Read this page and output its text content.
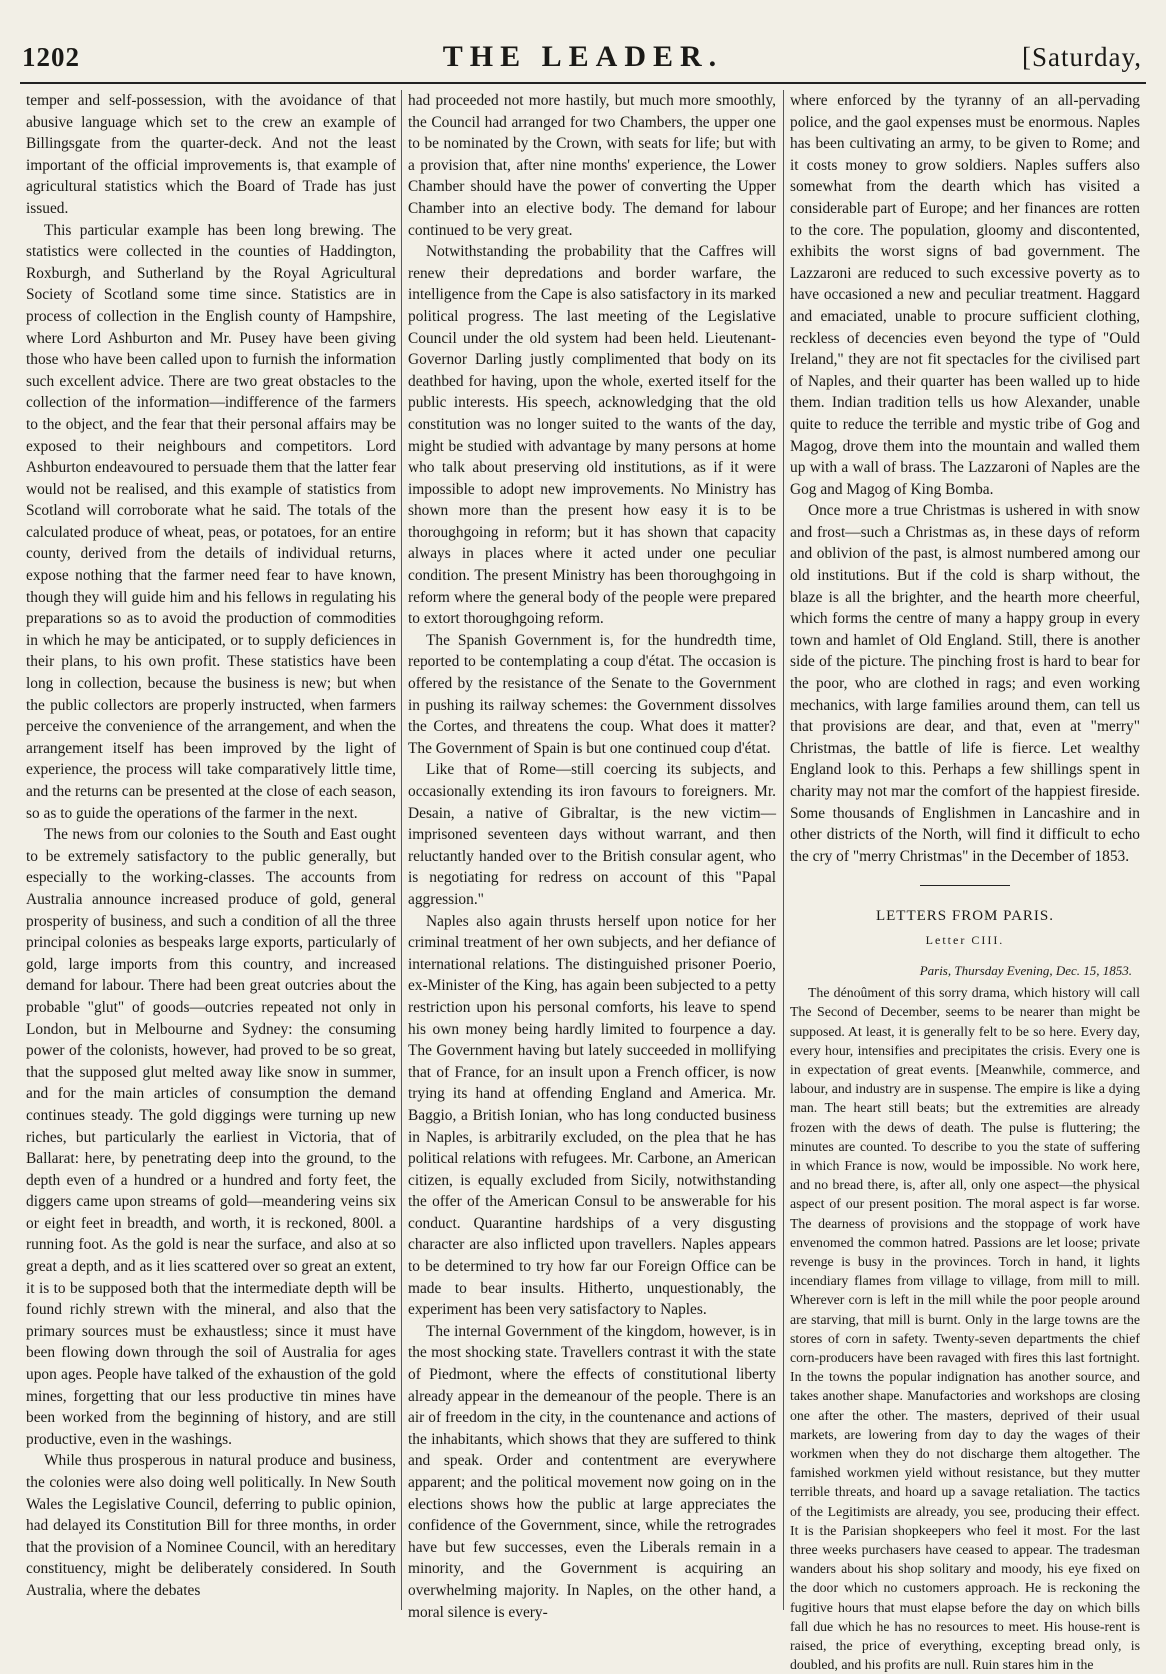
1202	THE LEADER.	[Saturday,

temper and self-possession, with the avoidance of that abusive language which set to the crew an example of Billingsgate from the quarter-deck. And not the least important of the official improvements is, that example of agricultural statistics which the Board of Trade has just issued.

This particular example has been long brewing. The statistics were collected in the counties of Haddington, Roxburgh, and Sutherland by the Royal Agricultural Society of Scotland some time since. Statistics are in process of collection in the English county of Hampshire, where Lord Ashburton and Mr. Pusey have been giving those who have been called upon to furnish the information such excellent advice. There are two great obstacles to the collection of the information—indifference of the farmers to the object, and the fear that their personal affairs may be exposed to their neighbours and competitors. Lord Ashburton endeavoured to persuade them that the latter fear would not be realised, and this example of statistics from Scotland will corroborate what he said. The totals of the calculated produce of wheat, peas, or potatoes, for an entire county, derived from the details of individual returns, expose nothing that the farmer need fear to have known, though they will guide him and his fellows in regulating his preparations so as to avoid the production of commodities in which he may be anticipated, or to supply deficiences in their plans, to his own profit. These statistics have been long in collection, because the business is new; but when the public collectors are properly instructed, when farmers perceive the convenience of the arrangement, and when the arrangement itself has been improved by the light of experience, the process will take comparatively little time, and the returns can be presented at the close of each season, so as to guide the operations of the farmer in the next.

The news from our colonies to the South and East ought to be extremely satisfactory to the public generally, but especially to the working-classes. The accounts from Australia announce increased produce of gold, general prosperity of business, and such a condition of all the three principal colonies as bespeaks large exports, particularly of gold, large imports from this country, and increased demand for labour. There had been great outcries about the probable "glut" of goods—outcries repeated not only in London, but in Melbourne and Sydney: the consuming power of the colonists, however, had proved to be so great, that the supposed glut melted away like snow in summer, and for the main articles of consumption the demand continues steady. The gold diggings were turning up new riches, but particularly the earliest in Victoria, that of Ballarat: here, by penetrating deep into the ground, to the depth even of a hundred or a hundred and forty feet, the diggers came upon streams of gold—meandering veins six or eight feet in breadth, and worth, it is reckoned, 800l. a running foot. As the gold is near the surface, and also at so great a depth, and as it lies scattered over so great an extent, it is to be supposed both that the intermediate depth will be found richly strewn with the mineral, and also that the primary sources must be exhaustless; since it must have been flowing down through the soil of Australia for ages upon ages. People have talked of the exhaustion of the gold mines, forgetting that our less productive tin mines have been worked from the beginning of history, and are still productive, even in the washings.

While thus prosperous in natural produce and business, the colonies were also doing well politically. In New South Wales the Legislative Council, deferring to public opinion, had delayed its Constitution Bill for three months, in order that the provision of a Nominee Council, with an hereditary constituency, might be deliberately considered. In South Australia, where the debates

had proceeded not more hastily, but much more smoothly, the Council had arranged for two Chambers, the upper one to be nominated by the Crown, with seats for life; but with a provision that, after nine months' experience, the Lower Chamber should have the power of converting the Upper Chamber into an elective body. The demand for labour continued to be very great.

Notwithstanding the probability that the Caffres will renew their depredations and border warfare, the intelligence from the Cape is also satisfactory in its marked political progress. The last meeting of the Legislative Council under the old system had been held. Lieutenant-Governor Darling justly complimented that body on its deathbed for having, upon the whole, exerted itself for the public interests. His speech, acknowledging that the old constitution was no longer suited to the wants of the day, might be studied with advantage by many persons at home who talk about preserving old institutions, as if it were impossible to adopt new improvements. No Ministry has shown more than the present how easy it is to be thoroughgoing in reform; but it has shown that capacity always in places where it acted under one peculiar condition. The present Ministry has been thoroughgoing in reform where the general body of the people were prepared to extort thoroughgoing reform.

The Spanish Government is, for the hundredth time, reported to be contemplating a coup d'état. The occasion is offered by the resistance of the Senate to the Government in pushing its railway schemes: the Government dissolves the Cortes, and threatens the coup. What does it matter? The Government of Spain is but one continued coup d'état.

Like that of Rome—still coercing its subjects, and occasionally extending its iron favours to foreigners. Mr. Desain, a native of Gibraltar, is the new victim—imprisoned seventeen days without warrant, and then reluctantly handed over to the British consular agent, who is negotiating for redress on account of this "Papal aggression."

Naples also again thrusts herself upon notice for her criminal treatment of her own subjects, and her defiance of international relations. The distinguished prisoner Poerio, ex-Minister of the King, has again been subjected to a petty restriction upon his personal comforts, his leave to spend his own money being hardly limited to fourpence a day. The Government having but lately succeeded in mollifying that of France, for an insult upon a French officer, is now trying its hand at offending England and America. Mr. Baggio, a British Ionian, who has long conducted business in Naples, is arbitrarily excluded, on the plea that he has political relations with refugees. Mr. Carbone, an American citizen, is equally excluded from Sicily, notwithstanding the offer of the American Consul to be answerable for his conduct. Quarantine hardships of a very disgusting character are also inflicted upon travellers. Naples appears to be determined to try how far our Foreign Office can be made to bear insults. Hitherto, unquestionably, the experiment has been very satisfactory to Naples.

The internal Government of the kingdom, however, is in the most shocking state. Travellers contrast it with the state of Piedmont, where the effects of constitutional liberty already appear in the demeanour of the people. There is an air of freedom in the city, in the countenance and actions of the inhabitants, which shows that they are suffered to think and speak. Order and contentment are everywhere apparent; and the political movement now going on in the elections shows how the public at large appreciates the confidence of the Government, since, while the retrogrades have but few successes, even the Liberals remain in a minority, and the Government is acquiring an overwhelming majority. In Naples, on the other hand, a moral silence is every-

where enforced by the tyranny of an all-pervading police, and the gaol expenses must be enormous. Naples has been cultivating an army, to be given to Rome; and it costs money to grow soldiers. Naples suffers also somewhat from the dearth which has visited a considerable part of Europe; and her finances are rotten to the core. The population, gloomy and discontented, exhibits the worst signs of bad government. The Lazzaroni are reduced to such excessive poverty as to have occasioned a new and peculiar treatment. Haggard and emaciated, unable to procure sufficient clothing, reckless of decencies even beyond the type of "Ould Ireland," they are not fit spectacles for the civilised part of Naples, and their quarter has been walled up to hide them. Indian tradition tells us how Alexander, unable quite to reduce the terrible and mystic tribe of Gog and Magog, drove them into the mountain and walled them up with a wall of brass. The Lazzaroni of Naples are the Gog and Magog of King Bomba.

Once more a true Christmas is ushered in with snow and frost—such a Christmas as, in these days of reform and oblivion of the past, is almost numbered among our old institutions. But if the cold is sharp without, the blaze is all the brighter, and the hearth more cheerful, which forms the centre of many a happy group in every town and hamlet of Old England. Still, there is another side of the picture. The pinching frost is hard to bear for the poor, who are clothed in rags; and even working mechanics, with large families around them, can tell us that provisions are dear, and that, even at "merry" Christmas, the battle of life is fierce. Let wealthy England look to this. Perhaps a few shillings spent in charity may not mar the comfort of the happiest fireside. Some thousands of Englishmen in Lancashire and in other districts of the North, will find it difficult to echo the cry of "merry Christmas" in the December of 1853.

LETTERS FROM PARIS.
Letter CIII.
Paris, Thursday Evening, Dec. 15, 1853.

The dénoûment of this sorry drama, which history will call The Second of December, seems to be nearer than might be supposed. At least, it is generally felt to be so here. Every day, every hour, intensifies and precipitates the crisis. Every one is in expectation of great events. [Meanwhile, commerce, and labour, and industry are in suspense. The empire is like a dying man. The heart still beats; but the extremities are already frozen with the dews of death. The pulse is fluttering; the minutes are counted. To describe to you the state of suffering in which France is now, would be impossible. No work here, and no bread there, is, after all, only one aspect—the physical aspect of our present position. The moral aspect is far worse. The dearness of provisions and the stoppage of work have envenomed the common hatred. Passions are let loose; private revenge is busy in the provinces. Torch in hand, it lights incendiary flames from village to village, from mill to mill. Wherever corn is left in the mill while the poor people around are starving, that mill is burnt. Only in the large towns are the stores of corn in safety. Twenty-seven departments the chief corn-producers have been ravaged with fires this last fortnight. In the towns the popular indignation has another source, and takes another shape. Manufactories and workshops are closing one after the other. The masters, deprived of their usual markets, are lowering from day to day the wages of their workmen when they do not discharge them altogether. The famished workmen yield without resistance, but they mutter terrible threats, and hoard up a savage retaliation. The tactics of the Legitimists are already, you see, producing their effect. It is the Parisian shopkeepers who feel it most. For the last three weeks purchasers have ceased to appear. The tradesman wanders about his shop solitary and moody, his eye fixed on the door which no customers approach. He is reckoning the fugitive hours that must elapse before the day on which bills fall due which he has no resources to meet. His house-rent is raised, the price of everything, excepting bread only, is doubled, and his profits are null. Ruin stares him in the
